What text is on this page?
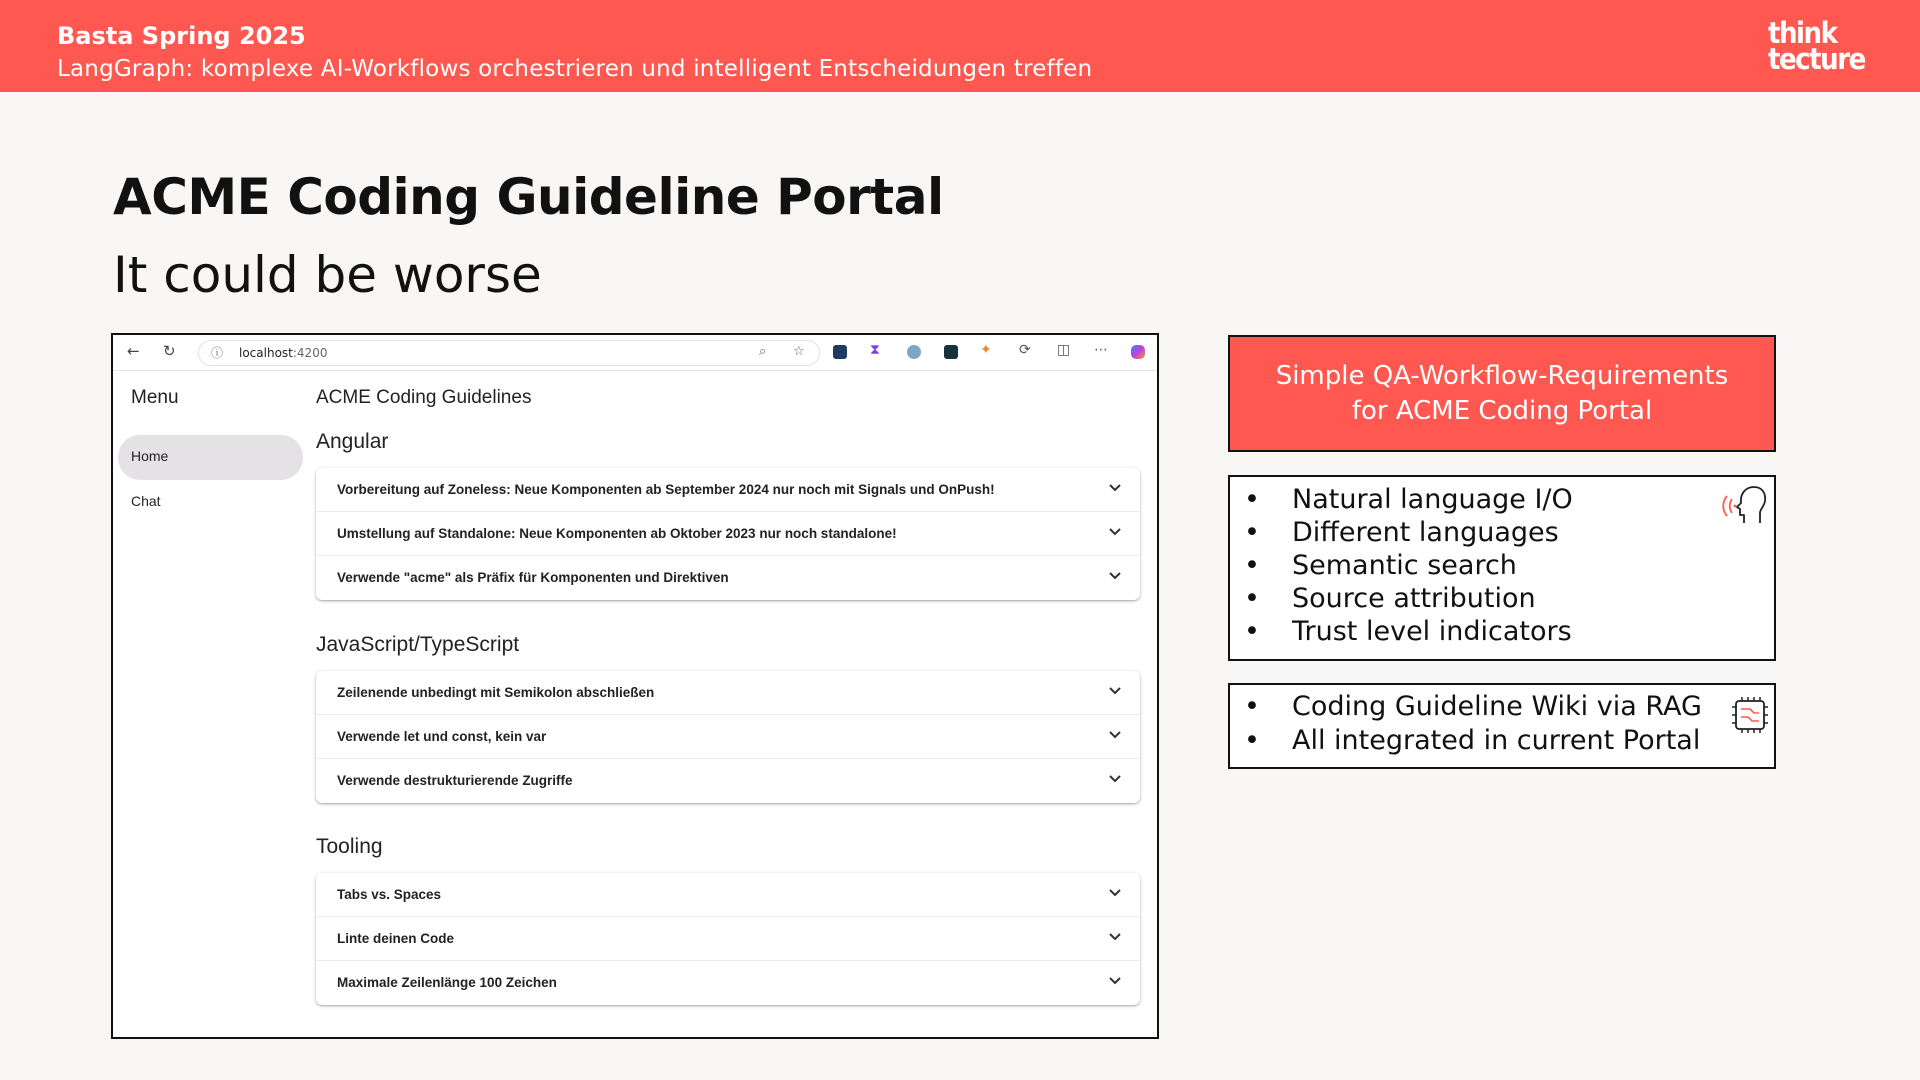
Basta Spring 2025
LangGraph: komplexe AI-Workflows orchestrieren und intelligent Entscheidungen treffen
think
tecture
ACME Coding Guideline Portal
It could be worse
← ↻	ⓘ localhost:4200	⌕ ☆	⧗	✦ ⟳ ◫ ⋯
Menu
Home
Chat
ACME Coding Guidelines
Angular
Vorbereitung auf Zoneless: Neue Komponenten ab September 2024 nur noch mit Signals und OnPush!
Umstellung auf Standalone: Neue Komponenten ab Oktober 2023 nur noch standalone!
Verwende "acme" als Präfix für Komponenten und Direktiven
JavaScript/TypeScript
Zeilenende unbedingt mit Semikolon abschließen
Verwende let und const, kein var
Verwende destrukturierende Zugriffe
Tooling
Tabs vs. Spaces
Linte deinen Code
Maximale Zeilenlänge 100 Zeichen
Simple QA-Workflow-Requirements
for ACME Coding Portal
• Natural language I/O
• Different languages
• Semantic search
• Source attribution
• Trust level indicators
• Coding Guideline Wiki via RAG
• All integrated in current Portal
